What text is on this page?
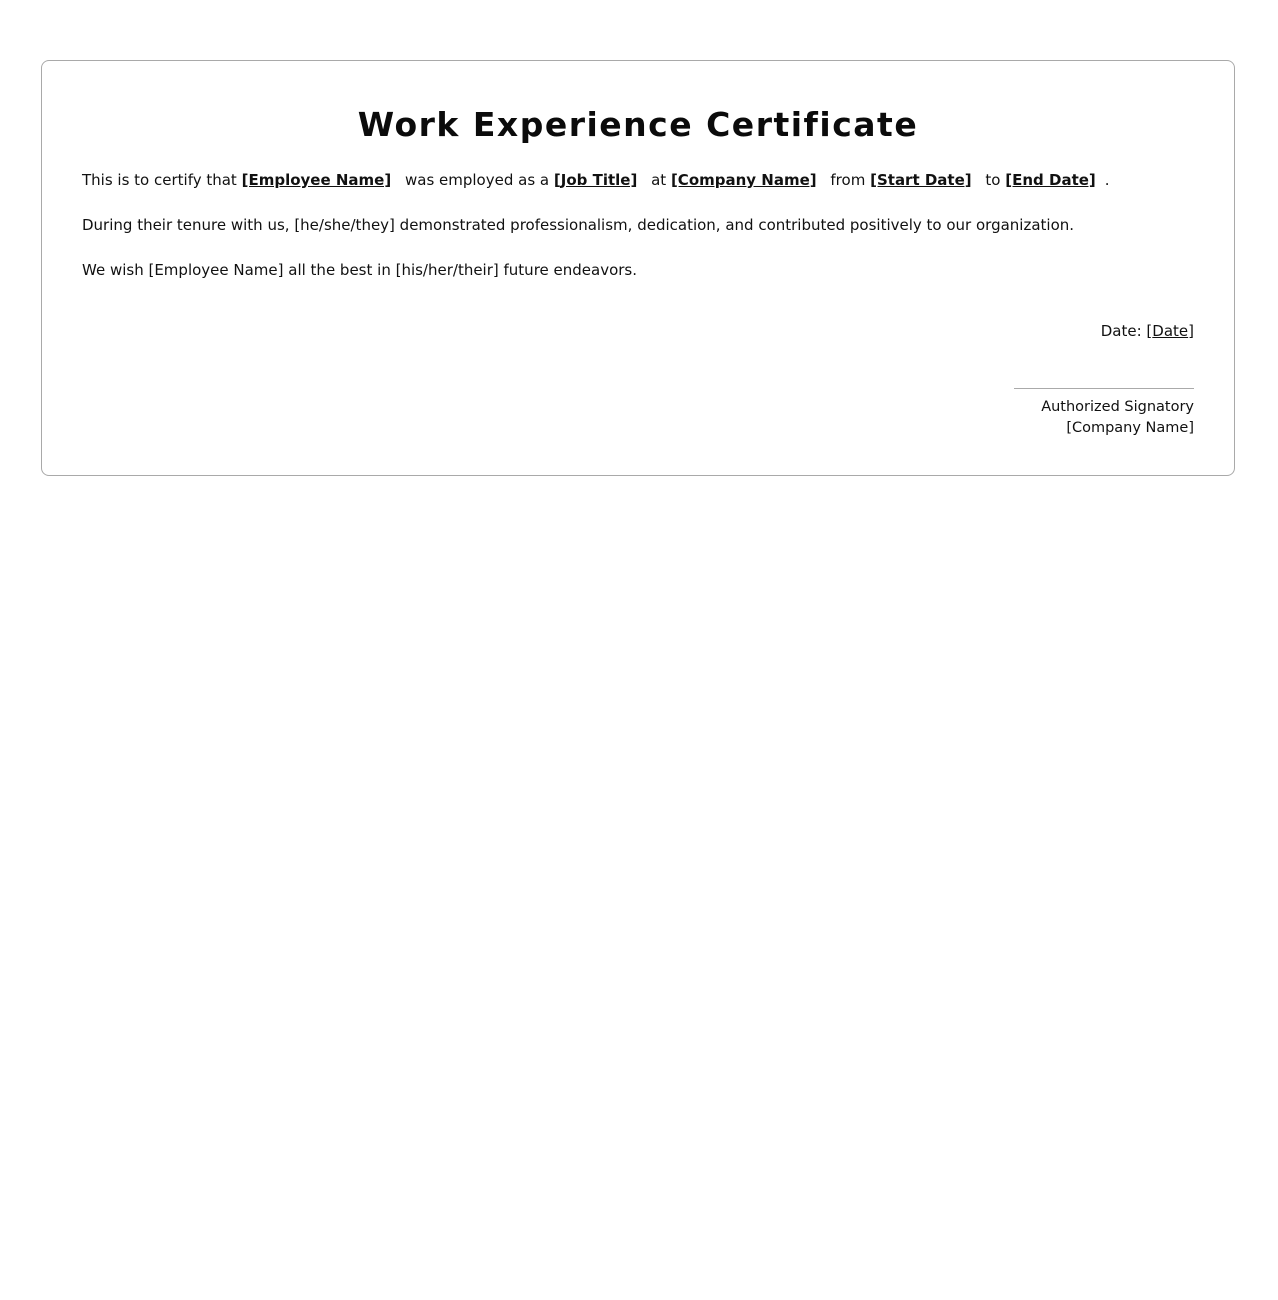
Work Experience Certificate

This is to certify that [Employee Name] was employed as a [Job Title] at [Company Name] from [Start Date] to [End Date] .

During their tenure with us, [he/she/they] demonstrated professionalism, dedication, and contributed positively to our organization.

We wish [Employee Name] all the best in [his/her/their] future endeavors.

Date: [Date]
Authorized Signatory
[Company Name]
